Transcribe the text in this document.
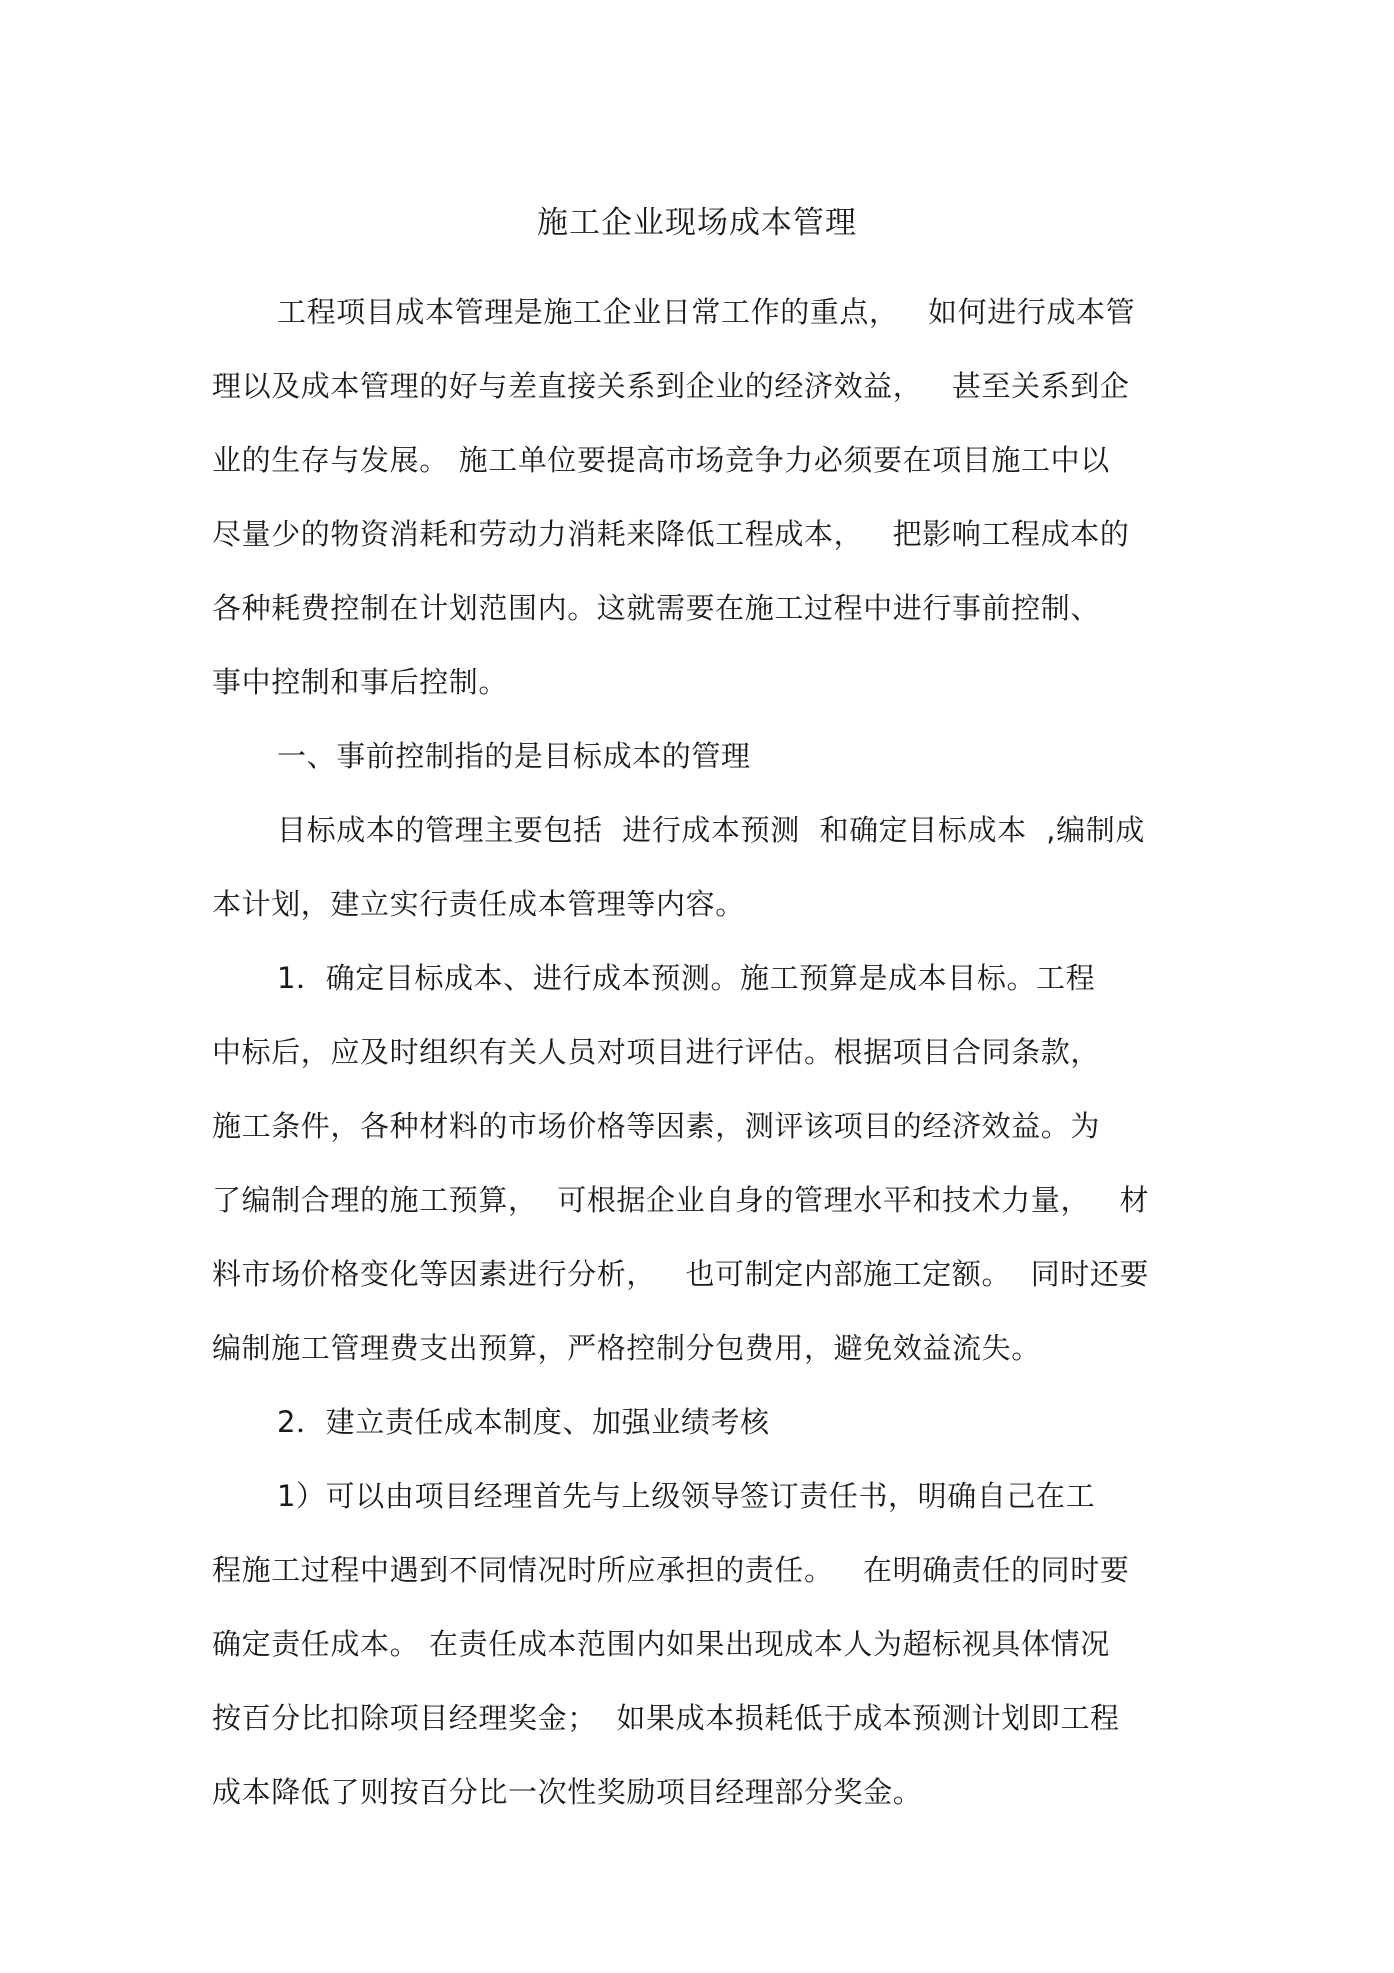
施工企业现场成本管理
工程项目成本管理是施工企业日常工作的重点，   如何进行成本管
理以及成本管理的好与差直接关系到企业的经济效益，   甚至关系到企
业的生存与发展。 施工单位要提高市场竞争力必须要在项目施工中以
尽量少的物资消耗和劳动力消耗来降低工程成本，   把影响工程成本的
各种耗费控制在计划范围内。这就需要在施工过程中进行事前控制、
事中控制和事后控制。
一、事前控制指的是目标成本的管理
目标成本的管理主要包括  进行成本预测  和确定目标成本  ,编制成
本计划，建立实行责任成本管理等内容。
1．确定目标成本、进行成本预测。施工预算是成本目标。工程
中标后，应及时组织有关人员对项目进行评估。根据项目合同条款，
施工条件，各种材料的市场价格等因素，测评该项目的经济效益。为
了编制合理的施工预算，  可根据企业自身的管理水平和技术力量，   材
料市场价格变化等因素进行分析，   也可制定内部施工定额。  同时还要
编制施工管理费支出预算，严格控制分包费用，避免效益流失。
2．建立责任成本制度、加强业绩考核
1）可以由项目经理首先与上级领导签订责任书，明确自己在工
程施工过程中遇到不同情况时所应承担的责任。   在明确责任的同时要
确定责任成本。 在责任成本范围内如果出现成本人为超标视具体情况
按百分比扣除项目经理奖金；  如果成本损耗低于成本预测计划即工程
成本降低了则按百分比一次性奖励项目经理部分奖金。
